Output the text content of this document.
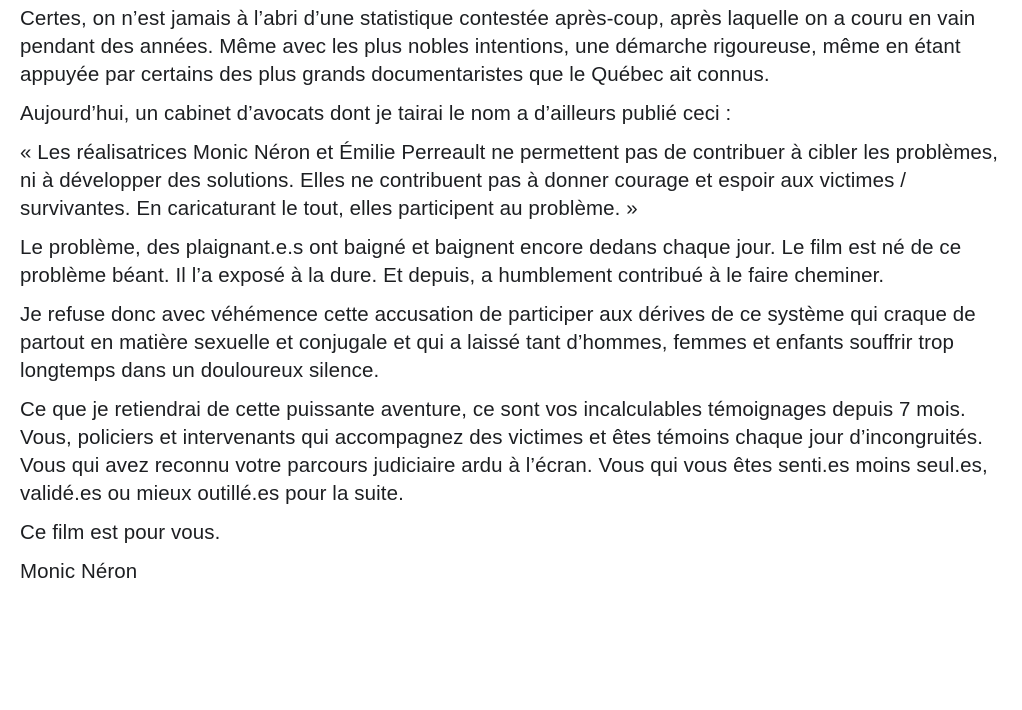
Certes, on n’est jamais à l’abri d’une statistique contestée après-coup, après laquelle on a couru en vain pendant des années. Même avec les plus nobles intentions, une démarche rigoureuse, même en étant appuyée par certains des plus grands documentaristes que le Québec ait connus.

Aujourd’hui, un cabinet d’avocats dont je tairai le nom a d’ailleurs publié ceci :

« Les réalisatrices Monic Néron et Émilie Perreault ne permettent pas de contribuer à cibler les problèmes, ni à développer des solutions. Elles ne contribuent pas à donner courage et espoir aux victimes / survivantes. En caricaturant le tout, elles participent au problème. »

Le problème, des plaignant.e.s ont baigné et baignent encore dedans chaque jour. Le film est né de ce problème béant. Il l’a exposé à la dure. Et depuis, a humblement contribué à le faire cheminer.

Je refuse donc avec véhémence cette accusation de participer aux dérives de ce système qui craque de partout en matière sexuelle et conjugale et qui a laissé tant d’hommes, femmes et enfants souffrir trop longtemps dans un douloureux silence.

Ce que je retiendrai de cette puissante aventure, ce sont vos incalculables témoignages depuis 7 mois. Vous, policiers et intervenants qui accompagnez des victimes et êtes témoins chaque jour d’incongruités. Vous qui avez reconnu votre parcours judiciaire ardu à l’écran. Vous qui vous êtes senti.es moins seul.es, validé.es ou mieux outillé.es pour la suite.

Ce film est pour vous.

Monic Néron
